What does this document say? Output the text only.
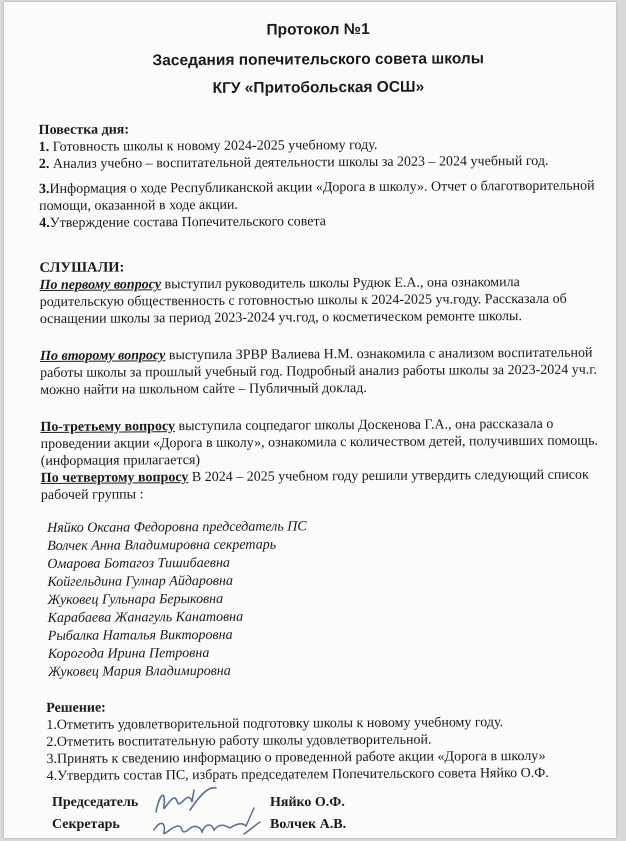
Протокол №1
Заседания попечительского совета школы
КГУ «Притобольская ОСШ»
Повестка дня:
1. Готовность школы к новому 2024-2025 учебному году.
2. Анализ учебно – воспитательной деятельности школы за 2023 – 2024 учебный год.
3.Информация о ходе Республиканской акции «Дорога в школу». Отчет о благотворительной помощи, оказанной в ходе акции.
4.Утверждение состава Попечительского совета
СЛУШАЛИ:
По первому вопросу выступил руководитель школы Рудюк Е.А., она ознакомила родительскую общественность с готовностью школы к 2024-2025 уч.году. Рассказала об оснащении школы за период 2023-2024 уч.год, о косметическом ремонте школы.
По второму вопросу выступила ЗРВР Валиева Н.М. ознакомила с анализом воспитательной работы школы за прошлый учебный год. Подробный анализ работы школы за 2023-2024 уч.г. можно найти на школьном сайте – Публичный доклад.
По-третьему вопросу выступила соцпедагог школы Доскенова Г.А., она рассказала о проведении акции «Дорога в школу», ознакомила с количеством детей, получивших помощь. (информация прилагается)
По четвертому вопросу В 2024 – 2025 учебном году решили утвердить следующий список рабочей группы :
Няйко Оксана Федоровна председатель ПС
Волчек Анна Владимировна секретарь
Омарова Ботагоз Тишибаевна
Койгельдина Гулнар Айдаровна
Жуковец Гульнара Берыковна
Карабаева Жанагуль Канатовна
Рыбалка Наталья Викторовна
Корогода Ирина Петровна
Жуковец Мария Владимировна
Решение:
1.Отметить удовлетворительной подготовку школы к новому учебному году.
2.Отметить воспитательную работу школы удовлетворительной.
3.Принять к сведению информацию о проведенной работе акции «Дорога в школу»
4.Утвердить состав ПС, избрать председателем Попечительского совета Няйко О.Ф.
Председатель
Секретарь
Няйко О.Ф.
Волчек А.В.
